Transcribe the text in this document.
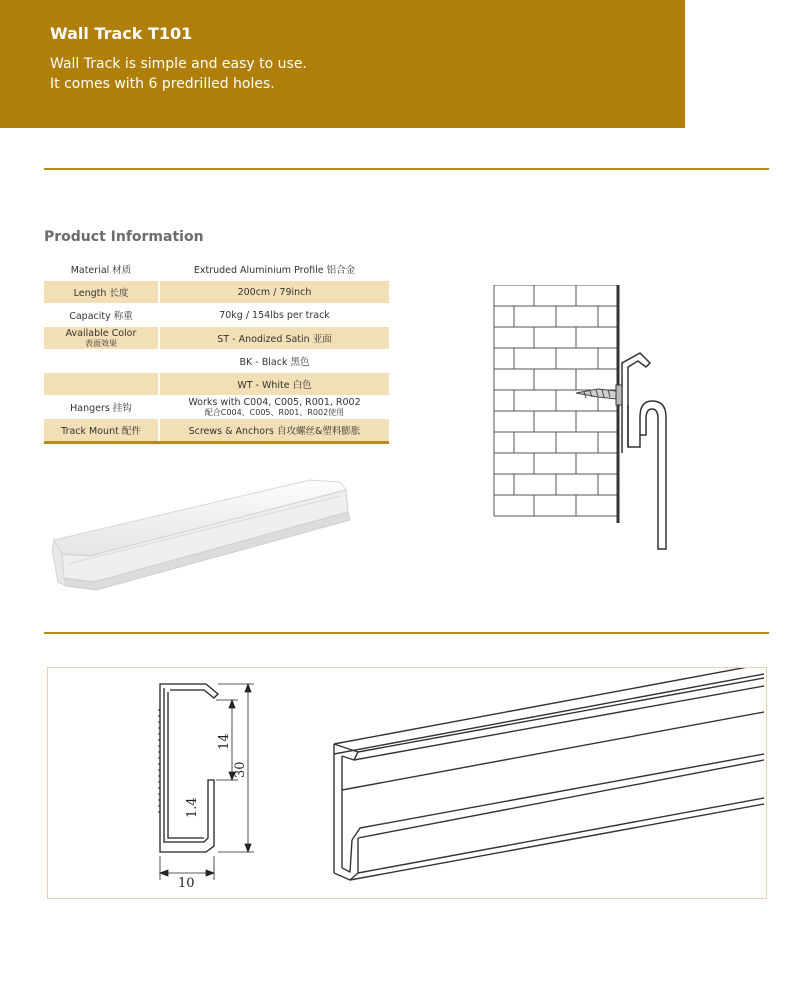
Wall Track T101
Wall Track is simple and easy to use.
It comes with 6 predrilled holes.
Product Information
Material 材质	Extruded Aluminium Profile 铝合金
Length 长度	200cm / 79inch
Capacity 称重	70kg / 154lbs per track
Available Color
表面效果	ST - Anodized Satin 亚面
	BK - Black 黑色
	WT - White 白色
Hangers 挂钩	Works with C004, C005, R001, R002
配合C004、C005、R001、R002使用

Track Mount 配件	Screws & Anchors 自攻螺丝&塑料膨胀
14
30
1.4
10
